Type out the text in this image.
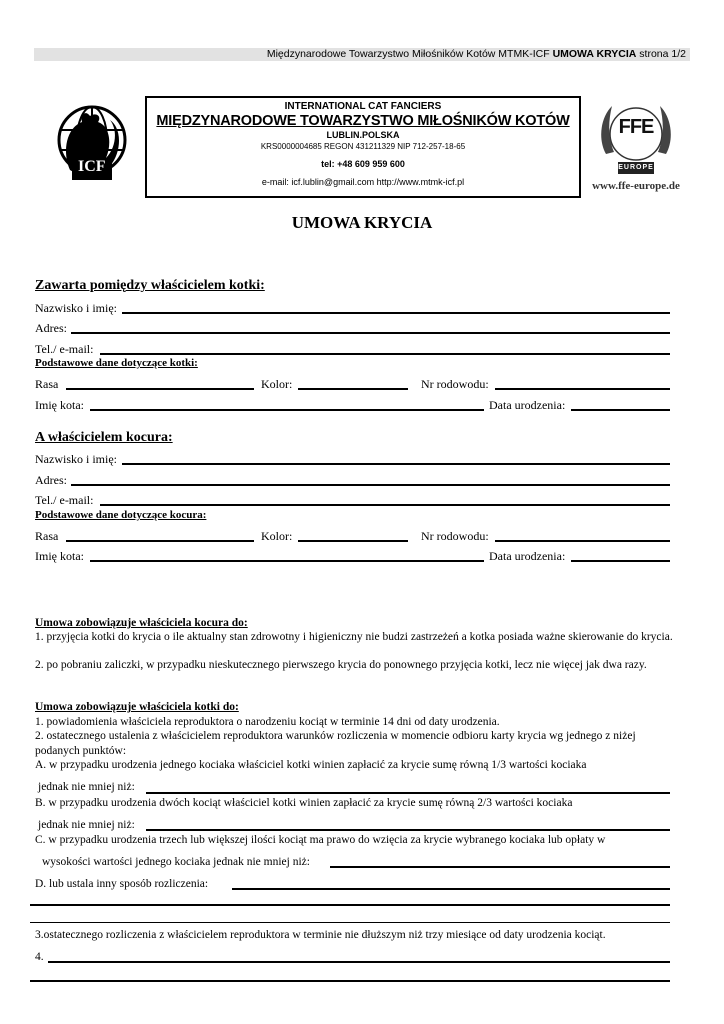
Międzynarodowe Towarzystwo Miłośników Kotów MTMK-ICF UMOWA KRYCIA strona 1/2
ICF
INTERNATIONAL CAT FANCIERS
MIĘDZYNARODOWE TOWARZYSTWO MIŁOŚNIKÓW KOTÓW
LUBLIN.POLSKA
KRS0000004685 REGON 431211329 NIP 712-257-18-65
tel: +48 609 959 600
e-mail: icf.lublin@gmail.com http://www.mtmk-icf.pl
FFE
EUROPE
www.ffe-europe.de
UMOWA KRYCIA
Zawarta pomiędzy właścicielem kotki:
Nazwisko i imię:
Adres:
Tel./ e-mail:
Podstawowe dane dotyczące kotki:
Rasa	Kolor:	Nr rodowodu:
Imię kota:	Data urodzenia:
A właścicielem kocura:
Nazwisko i imię:
Adres:
Tel./ e-mail:
Podstawowe dane dotyczące kocura:
Rasa	Kolor:	Nr rodowodu:
Imię kota:	Data urodzenia:
Umowa zobowiązuje właściciela kocura do:
1. przyjęcia kotki do krycia o ile aktualny stan zdrowotny i higieniczny nie budzi zastrzeżeń a kotka posiada ważne skierowanie do krycia.
2. po pobraniu zaliczki, w przypadku nieskutecznego pierwszego krycia do ponownego przyjęcia kotki, lecz nie więcej jak dwa razy.
Umowa zobowiązuje właściciela kotki do:
1. powiadomienia właściciela reproduktora o narodzeniu kociąt w terminie 14 dni od daty urodzenia.
2. ostatecznego ustalenia z właścicielem reproduktora warunków rozliczenia w momencie odbioru karty krycia wg jednego z niżej podanych punktów:
A. w przypadku urodzenia jednego kociaka właściciel kotki winien zapłacić za krycie sumę równą 1/3 wartości kociaka
jednak nie mniej niż:
B. w przypadku urodzenia dwóch kociąt właściciel kotki winien zapłacić za krycie sumę równą 2/3 wartości kociaka
jednak nie mniej niż:
C. w przypadku urodzenia trzech lub większej ilości kociąt ma prawo do wzięcia za krycie wybranego kociaka lub opłaty w
wysokości wartości jednego kociaka jednak nie mniej niż:
D. lub ustala inny sposób rozliczenia:
3.ostatecznego rozliczenia z właścicielem reproduktora w terminie nie dłuższym niż trzy miesiące od daty urodzenia kociąt.
4.
